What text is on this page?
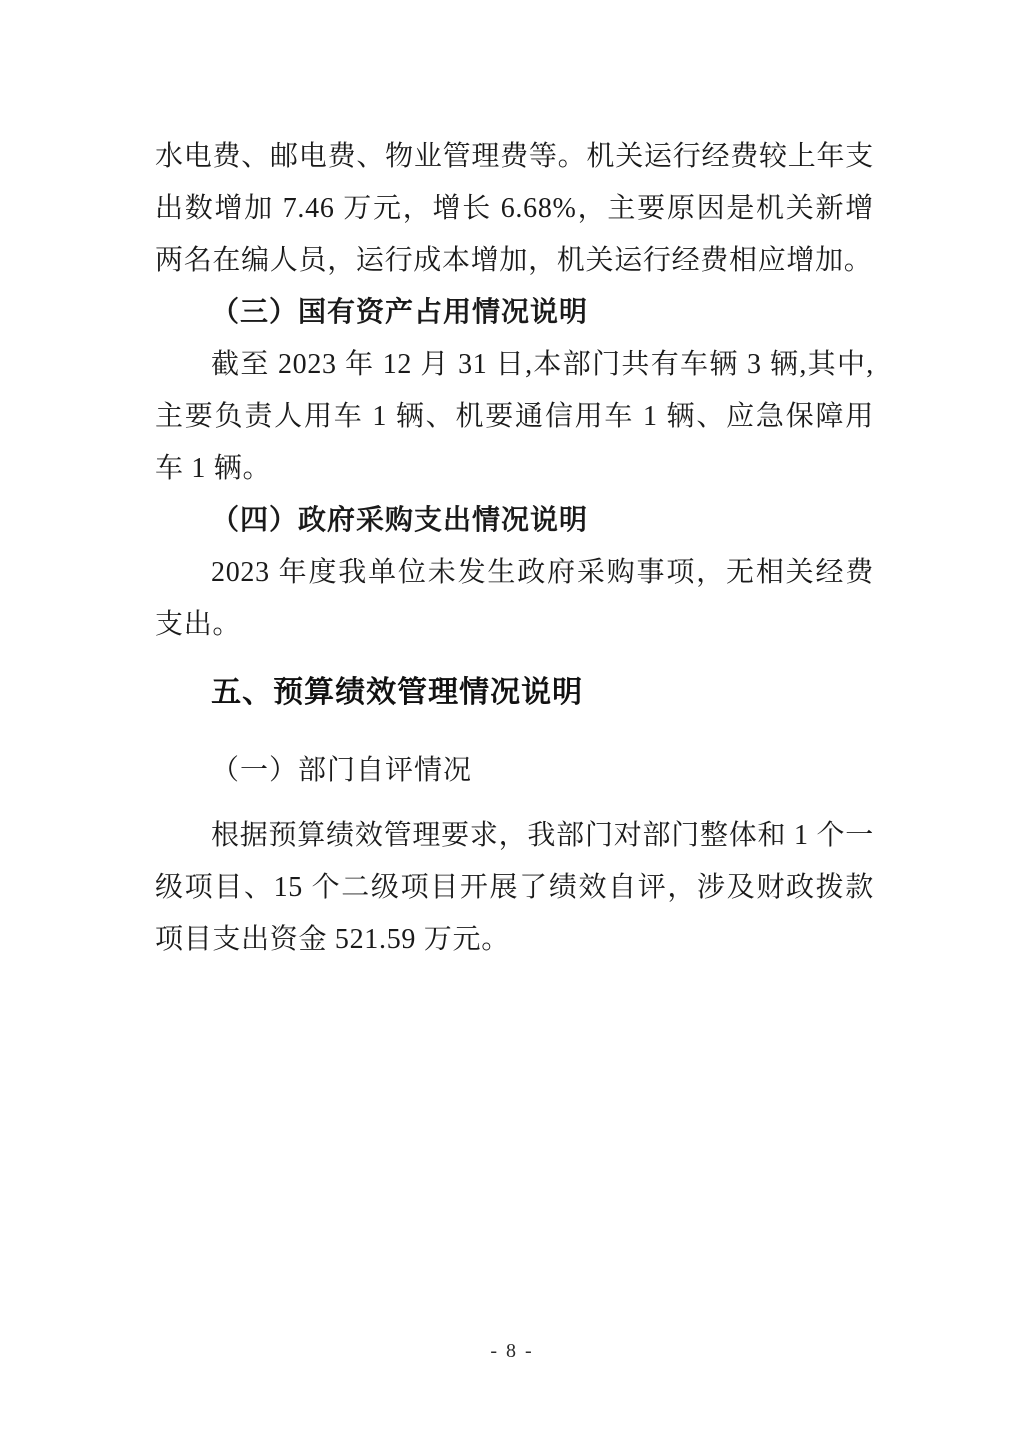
水电费、邮电费、物业管理费等。机关运行经费较上年支出数增加 7.46 万元，增长 6.68%，主要原因是机关新增两名在编人员，运行成本增加，机关运行经费相应增加。

（三）国有资产占用情况说明

截至 2023 年 12 月 31 日,本部门共有车辆 3 辆,其中,主要负责人用车 1 辆、机要通信用车 1 辆、应急保障用车 1 辆。

（四）政府采购支出情况说明

2023 年度我单位未发生政府采购事项，无相关经费支出。

五、预算绩效管理情况说明

（一）部门自评情况

根据预算绩效管理要求，我部门对部门整体和 1 个一级项目、15 个二级项目开展了绩效自评，涉及财政拨款项目支出资金 521.59 万元。

- 8 -
